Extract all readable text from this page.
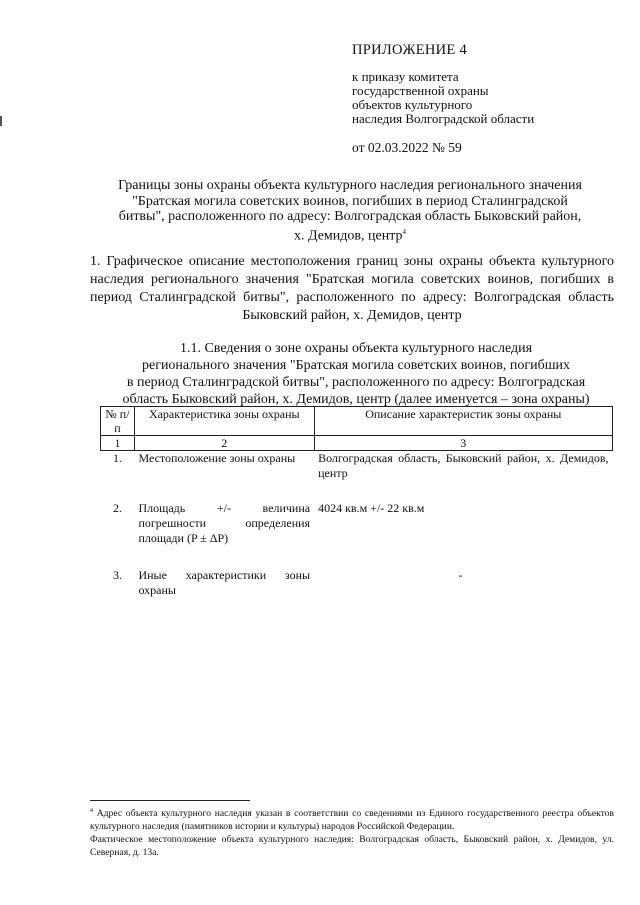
ПРИЛОЖЕНИЕ 4
к приказу комитета
государственной охраны
объектов культурного
наследия Волгоградской области
от 02.03.2022 № 59
Границы зоны охраны объекта культурного наследия регионального значения
"Братская могила советских воинов, погибших в период Сталинградской
битвы", расположенного по адресу: Волгоградская область Быковский район,
х. Демидов, центр$^4$
1. Графическое описание местоположения границ зоны охраны объекта культурного наследия регионального значения "Братская могила советских воинов, погибших в период Сталинградской битвы", расположенного по адресу: Волгоградская область Быковский район, х. Демидов, центр
1.1. Сведения о зоне охраны объекта культурного наследия
регионального значения "Братская могила советских воинов, погибших
в период Сталинградской битвы", расположенного по адресу: Волгоградская
область Быковский район, х. Демидов, центр (далее именуется – зона охраны)
№ п/п	Характеристика зоны охраны	Описание характеристик зоны охраны
1	2	3
1.	Местоположение зоны охраны	Волгоградская область, Быковский район, х. Демидов, центр
2.	Площадь +/- величина погрешности определения площади (P ± ΔP)	4024 кв.м +/- 22 кв.м
3.	Иные характеристики зоны охраны	-
$^4$ Адрес объекта культурного наследия указан в соответствии со сведениями из Единого государственного реестра объектов культурного наследия (памятников истории и культуры) народов Российской Федерации.
Фактическое местоположение объекта культурного наследия: Волгоградская область, Быковский район, х. Демидов, ул. Северная, д. 13а.
